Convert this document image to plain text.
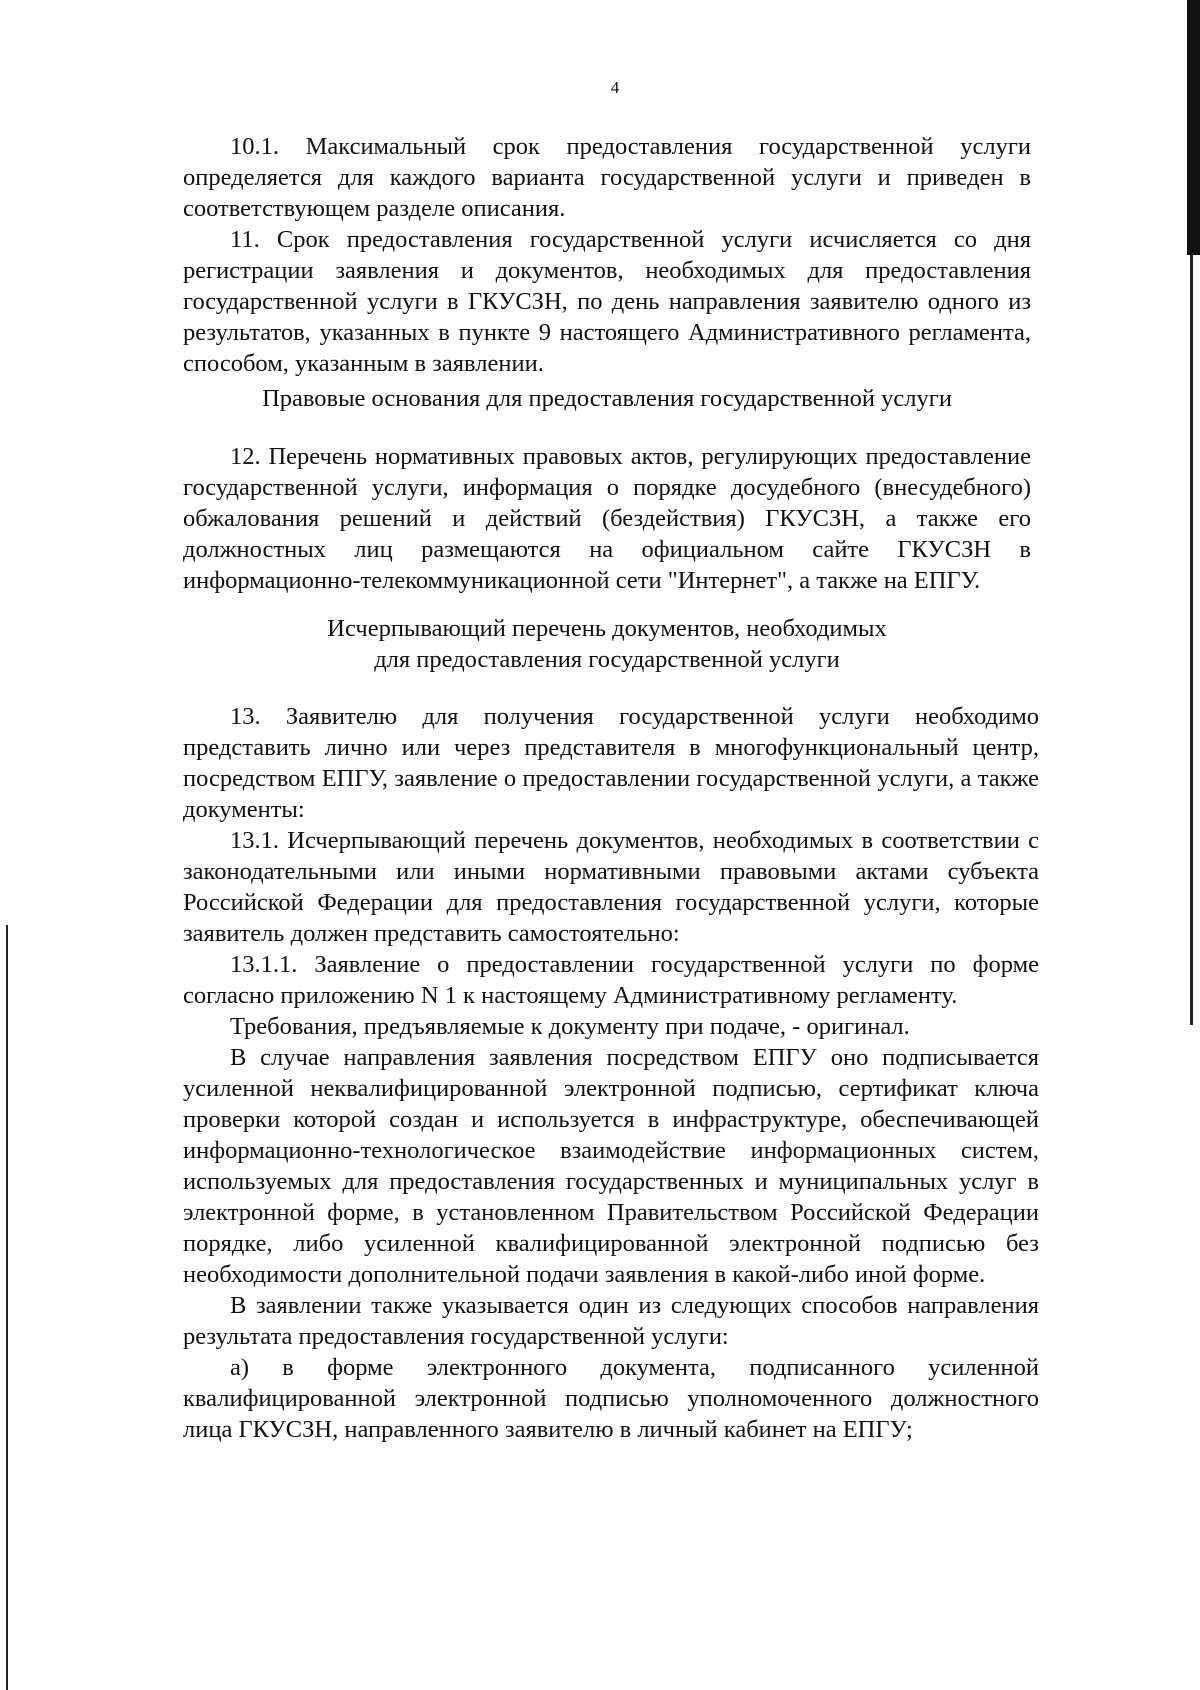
4

10.1. Максимальный срок предоставления государственной услуги определяется для каждого варианта государственной услуги и приведен в соответствующем разделе описания.

11. Срок предоставления государственной услуги исчисляется со дня регистрации заявления и документов, необходимых для предоставления государственной услуги в ГКУСЗН, по день направления заявителю одного из результатов, указанных в пункте 9 настоящего Административного регламента, способом, указанным в заявлении.

Правовые основания для предоставления государственной услуги

12. Перечень нормативных правовых актов, регулирующих предоставление государственной услуги, информация о порядке досудебного (внесудебного) обжалования решений и действий (бездействия) ГКУСЗН, а также его должностных лиц размещаются на официальном сайте ГКУСЗН в информационно-телекоммуникационной сети "Интернет", а также на ЕПГУ.

Исчерпывающий перечень документов, необходимых
для предоставления государственной услуги

13. Заявителю для получения государственной услуги необходимо представить лично или через представителя в многофункциональный центр, посредством ЕПГУ, заявление о предоставлении государственной услуги, а также документы:

13.1. Исчерпывающий перечень документов, необходимых в соответствии с законодательными или иными нормативными правовыми актами субъекта Российской Федерации для предоставления государственной услуги, которые заявитель должен представить самостоятельно:

13.1.1. Заявление о предоставлении государственной услуги по форме согласно приложению N 1 к настоящему Административному регламенту.

Требования, предъявляемые к документу при подаче, - оригинал.

В случае направления заявления посредством ЕПГУ оно подписывается усиленной неквалифицированной электронной подписью, сертификат ключа проверки которой создан и используется в инфраструктуре, обеспечивающей информационно-технологическое взаимодействие информационных систем, используемых для предоставления государственных и муниципальных услуг в электронной форме, в установленном Правительством Российской Федерации порядке, либо усиленной квалифицированной электронной подписью без необходимости дополнительной подачи заявления в какой-либо иной форме.

В заявлении также указывается один из следующих способов направления результата предоставления государственной услуги:

а) в форме электронного документа, подписанного усиленной квалифицированной электронной подписью уполномоченного должностного лица ГКУСЗН, направленного заявителю в личный кабинет на ЕПГУ;
